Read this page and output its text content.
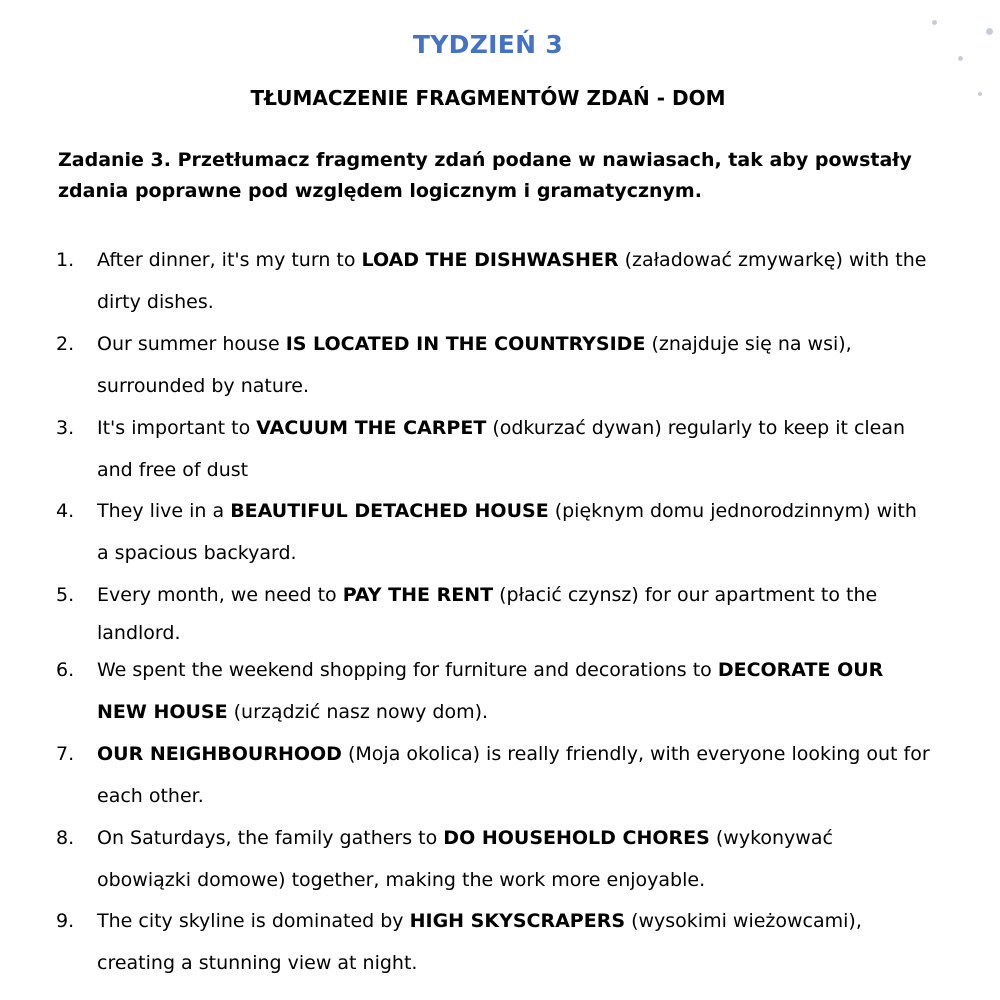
TYDZIEŃ 3
TŁUMACZENIE FRAGMENTÓW ZDAŃ - DOM
Zadanie 3. Przetłumacz fragmenty zdań podane w nawiasach, tak aby powstały
zdania poprawne pod względem logicznym i gramatycznym.
1. After dinner, it's my turn to LOAD THE DISHWASHER (załadować zmywarkę) with the dirty dishes.
2. Our summer house IS LOCATED IN THE COUNTRYSIDE (znajduje się na wsi), surrounded by nature.
3. It's important to VACUUM THE CARPET (odkurzać dywan) regularly to keep it clean and free of dust
4. They live in a BEAUTIFUL DETACHED HOUSE (pięknym domu jednorodzinnym) with a spacious backyard.
5. Every month, we need to PAY THE RENT (płacić czynsz) for our apartment to the landlord.
6. We spent the weekend shopping for furniture and decorations to DECORATE OUR NEW HOUSE (urządzić nasz nowy dom).
7. OUR NEIGHBOURHOOD (Moja okolica) is really friendly, with everyone looking out for each other.
8. On Saturdays, the family gathers to DO HOUSEHOLD CHORES (wykonywać obowiązki domowe) together, making the work more enjoyable.
9. The city skyline is dominated by HIGH SKYSCRAPERS (wysokimi wieżowcami), creating a stunning view at night.
